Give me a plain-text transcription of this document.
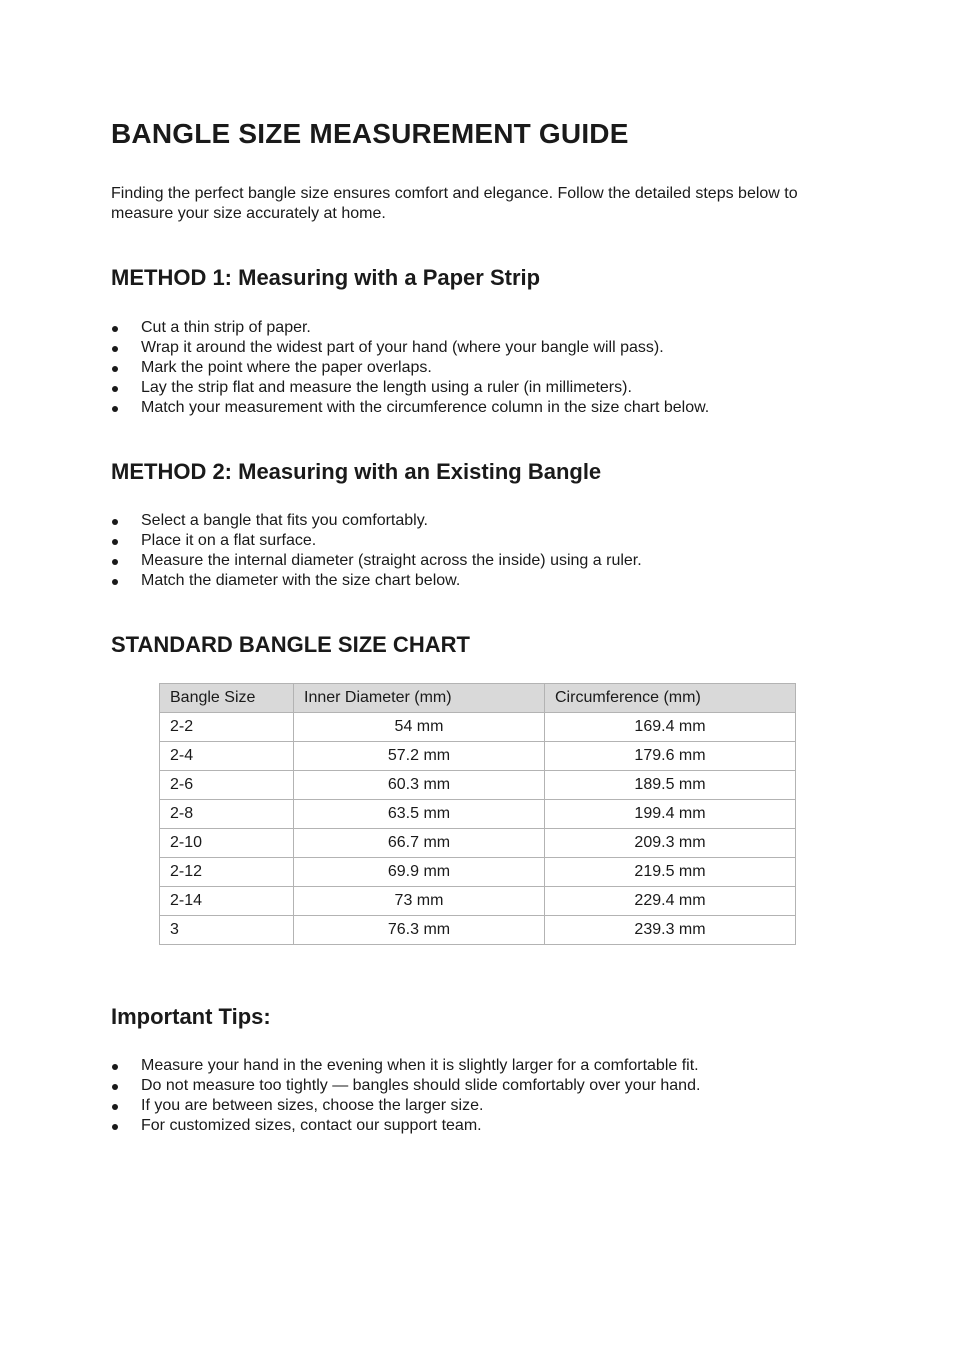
BANGLE SIZE MEASUREMENT GUIDE

Finding the perfect bangle size ensures comfort and elegance. Follow the detailed steps below to measure your size accurately at home.

METHOD 1: Measuring with a Paper Strip
Cut a thin strip of paper.
Wrap it around the widest part of your hand (where your bangle will pass).
Mark the point where the paper overlaps.
Lay the strip flat and measure the length using a ruler (in millimeters).
Match your measurement with the circumference column in the size chart below.
METHOD 2: Measuring with an Existing Bangle
Select a bangle that fits you comfortably.
Place it on a flat surface.
Measure the internal diameter (straight across the inside) using a ruler.
Match the diameter with the size chart below.
STANDARD BANGLE SIZE CHART
Bangle Size	Inner Diameter (mm)	Circumference (mm)
2-2	54 mm	169.4 mm
2-4	57.2 mm	179.6 mm
2-6	60.3 mm	189.5 mm
2-8	63.5 mm	199.4 mm
2-10	66.7 mm	209.3 mm
2-12	69.9 mm	219.5 mm
2-14	73 mm	229.4 mm
3	76.3 mm	239.3 mm
Important Tips:
Measure your hand in the evening when it is slightly larger for a comfortable fit.
Do not measure too tightly — bangles should slide comfortably over your hand.
If you are between sizes, choose the larger size.
For customized sizes, contact our support team.
